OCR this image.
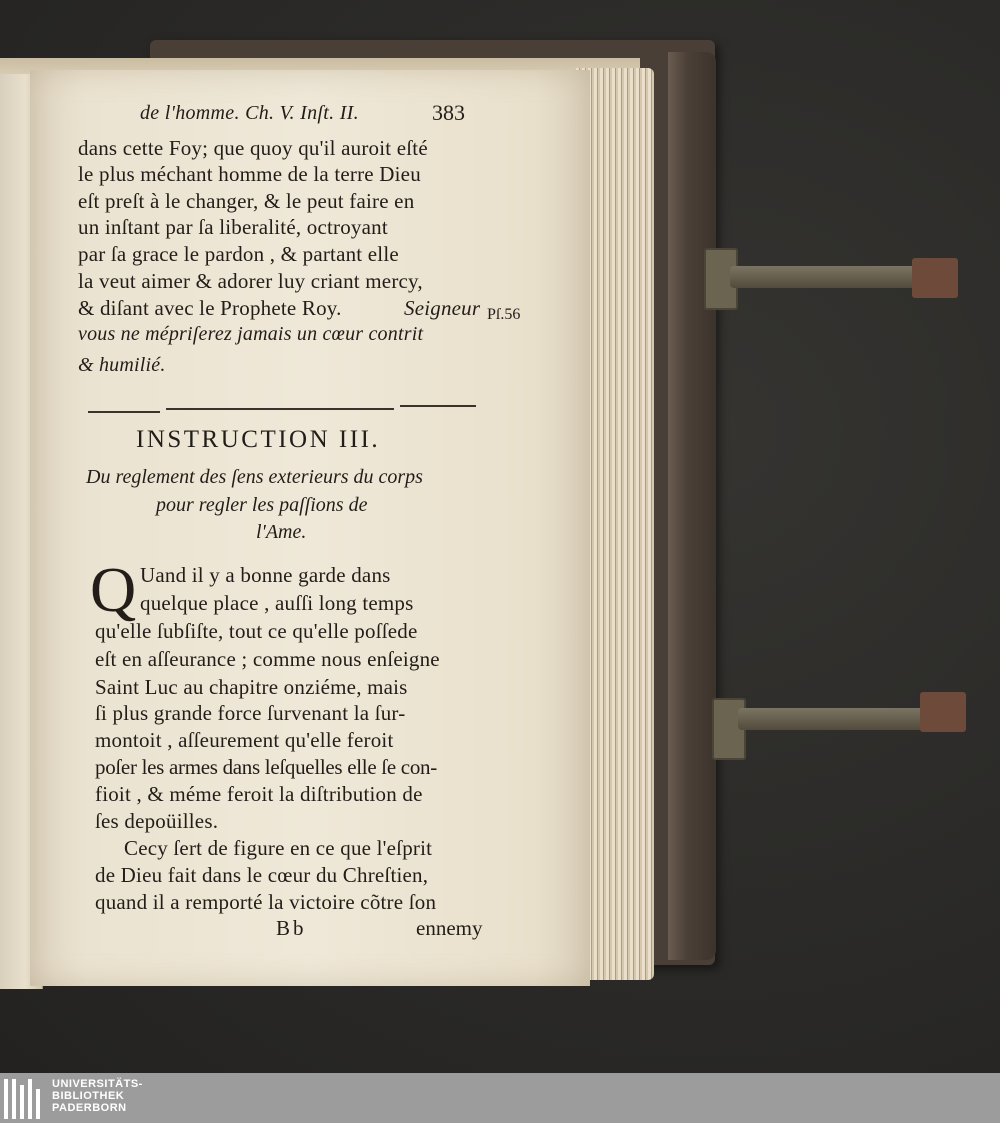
de l'homme. Ch. V. Inſt. II.	383

dans cette Foy; que quoy qu'il auroit eſté

le plus méchant homme de la terre Dieu

eſt preſt à le changer, & le peut faire en

un inſtant par ſa liberalité, octroyant

par ſa grace le pardon , & partant elle

la veut aimer & adorer luy criant mercy,

& diſant avec le Prophete Roy.	Seigneur

vous ne mépriſerez jamais un cœur contrit

& humilié.

Pſ.56

INSTRUCTION III.

Du reglement des ſens exterieurs du corps

pour regler les paſſions de

l'Ame.

Q Uand il y a bonne garde dans

quelque place , auſſi long temps

qu'elle ſubſiſte, tout ce qu'elle poſſede

eſt en aſſeurance ; comme nous enſeigne

Saint Luc au chapitre onziéme, mais

ſi plus grande force ſurvenant la ſur-

montoit , aſſeurement qu'elle feroit

poſer les armes dans leſquelles elle ſe con-

fioit , & méme feroit la diſtribution de

ſes depoüilles.

Cecy ſert de figure en ce que l'eſprit

de Dieu fait dans le cœur du Chreſtien,

quand il a remporté la victoire cõtre ſon

Bb	ennemy

UNIVERSITÄTS-
BIBLIOTHEK
PADERBORN
